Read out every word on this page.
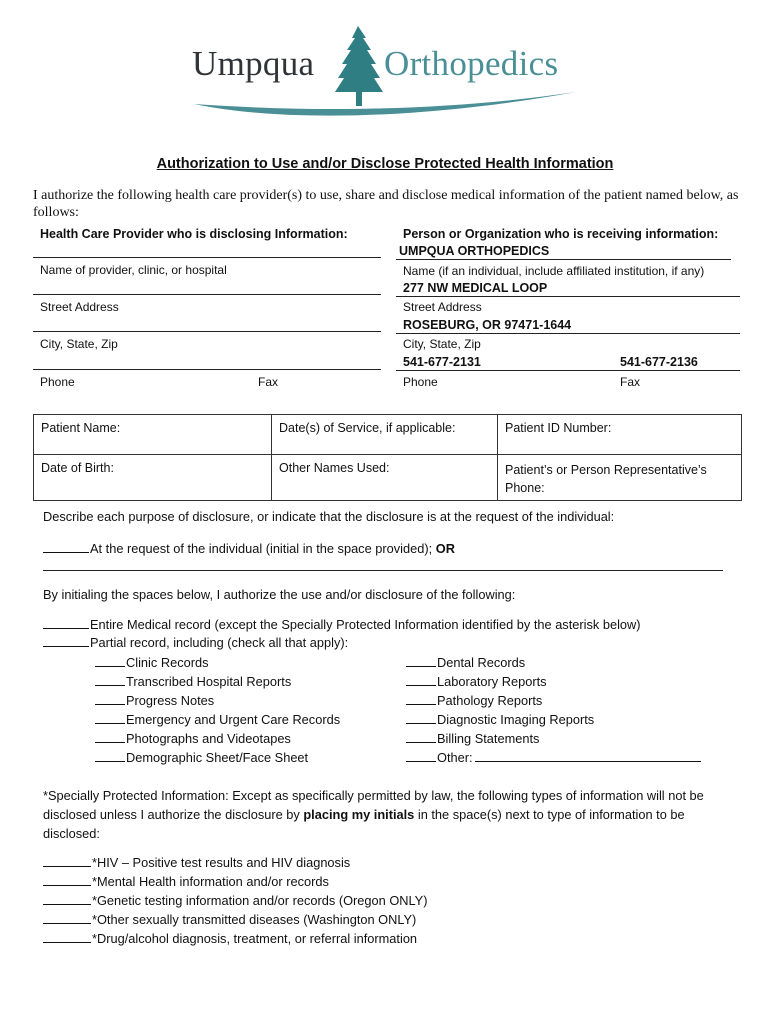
Umpqua Orthopedics
Authorization to Use and/or Disclose Protected Health Information
I authorize the following health care provider(s) to use, share and disclose medical information of the patient named below, as follows:
Health Care Provider who is disclosing Information:
Name of provider, clinic, or hospital
Street Address
City, State, Zip
Phone	Fax
Person or Organization who is receiving information:
UMPQUA ORTHOPEDICS
Name (if an individual, include affiliated institution, if any)
277 NW MEDICAL LOOP
Street Address
ROSEBURG, OR 97471-1644
City, State, Zip
541-677-2131	541-677-2136
Phone	Fax
Patient Name:	Date(s) of Service, if applicable:	Patient ID Number:
Date of Birth:	Other Names Used:	Patient’s or Person Representative’s Phone:
Describe each purpose of disclosure, or indicate that the disclosure is at the request of the individual:
At the request of the individual (initial in the space provided); OR
By initialing the spaces below, I authorize the use and/or disclosure of the following:
Entire Medical record (except the Specially Protected Information identified by the asterisk below)
Partial record, including (check all that apply):
Clinic Records
Transcribed Hospital Reports
Progress Notes
Emergency and Urgent Care Records
Photographs and Videotapes
Demographic Sheet/Face Sheet
Dental Records
Laboratory Reports
Pathology Reports
Diagnostic Imaging Reports
Billing Statements
Other:
*Specially Protected Information: Except as specifically permitted by law, the following types of information will not be disclosed unless I authorize the disclosure by placing my initials in the space(s) next to type of information to be disclosed:
*HIV – Positive test results and HIV diagnosis
*Mental Health information and/or records
*Genetic testing information and/or records (Oregon ONLY)
*Other sexually transmitted diseases (Washington ONLY)
*Drug/alcohol diagnosis, treatment, or referral information
